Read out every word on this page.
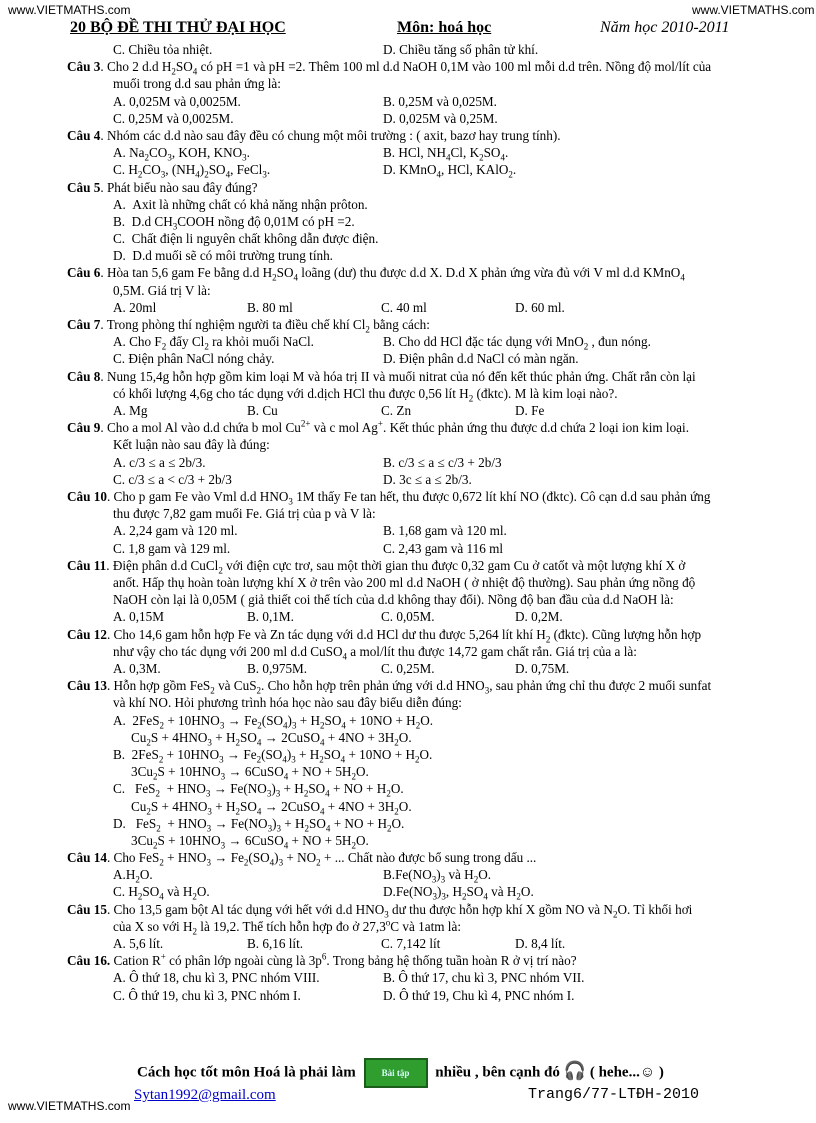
www.VIETMATHS.com	www.VIETMATHS.com
www.VIETMATHS.com
20 BỘ ĐỀ THI THỬ ĐẠI HỌC	Môn: hoá học	Năm học 2010-2011
C. Chiều tỏa nhiệt.	D. Chiều tăng số phân tử khí.
Câu 3. Cho 2 d.d $H_2SO_4$ có pH =1 và pH =2. Thêm 100 ml d.d NaOH 0,1M vào 100 ml mỗi d.d trên. Nồng độ mol/lít của
muối trong d.d sau phản ứng là:
A. 0,025M và 0,0025M.	B. 0,25M và 0,025M.
C. 0,25M và 0,0025M.	D. 0,025M và 0,25M.
Câu 4. Nhóm các d.d nào sau đây đều có chung một môi trường : ( axit, bazơ hay trung tính).
A. $Na_2CO_3$, KOH, $KNO_3$.	B. HCl, $NH_4Cl$, $K_2SO_4$.
C. $H_2CO_3$, $(NH_4)_2SO_4$, FeCl$_3$.	D. KMnO$_4$, HCl, KAlO$_2$.
Câu 5. Phát biểu nào sau đây đúng?
A.  Axit là những chất có khả năng nhận prôton.
B.  D.d $CH_3COOH$ nồng độ 0,01M có pH =2.
C.  Chất điện li nguyên chất không dẫn được điện.
D.  D.d muối sẽ có môi trường trung tính.
Câu 6. Hòa tan 5,6 gam Fe bằng d.d $H_2SO_4$ loãng (dư) thu được d.d X. D.d X phản ứng vừa đủ với V ml d.d KMnO$_4$
0,5M. Giá trị V là:
A. 20ml	B. 80 ml	C. 40 ml	D. 60 ml.
Câu 7. Trong phòng thí nghiệm người ta điều chế khí $Cl_2$ bằng cách:
A. Cho $F_2$ đẩy $Cl_2$ ra khỏi muối NaCl.	B. Cho dd HCl đặc tác dụng với MnO$_2$ , đun nóng.
C. Điện phân NaCl nóng chảy.	D. Điện phân d.d NaCl có màn ngăn.
Câu 8. Nung 15,4g hỗn hợp gồm kim loại M và hóa trị II và muối nitrat của nó đến kết thúc phản ứng. Chất rắn còn lại
có khối lượng 4,6g cho tác dụng với d.dịch HCl thu được 0,56 lít $H_2$ (đktc). M là kim loại nào?.
A. Mg	B. Cu	C. Zn	D. Fe
Câu 9. Cho a mol Al vào d.d chứa b mol $Cu^{2+}$ và c mol Ag+. Kết thúc phản ứng thu được d.d chứa 2 loại ion kim loại.
Kết luận nào sau đây là đúng:
A. c/3 ≤ a ≤ 2b/3.	B. c/3 ≤ a ≤ c/3 + 2b/3
C. c/3 ≤ a < c/3 + 2b/3	D. 3c ≤ a ≤ 2b/3.
Câu 10. Cho p gam Fe vào Vml d.d $HNO_3$ 1M thấy Fe tan hết, thu được 0,672 lít khí NO (đktc). Cô cạn d.d sau phản ứng
thu được 7,82 gam muối Fe. Giá trị của p và V là:
A. 2,24 gam và 120 ml.	B. 1,68 gam và 120 ml.
C. 1,8 gam và 129 ml.	C. 2,43 gam và 116 ml
Câu 11. Điện phân d.d CuCl$_2$ với điện cực trơ, sau một thời gian thu được 0,32 gam Cu ở catốt và một lượng khí X ở
anốt. Hấp thụ hoàn toàn lượng khí X ở trên vào 200 ml d.d NaOH ( ở nhiệt độ thường). Sau phản ứng nồng độ
NaOH còn lại là 0,05M ( giả thiết coi thể tích của d.d không thay đổi). Nồng độ ban đầu của d.d NaOH là:
A. 0,15M	B. 0,1M.	C. 0,05M.	D. 0,2M.
Câu 12. Cho 14,6 gam hỗn hợp Fe và Zn tác dụng với d.d HCl dư thu được 5,264 lít khí $H_2$ (đktc). Cũng lượng hỗn hợp
như vậy cho tác dụng với 200 ml d.d CuSO$_4$ a mol/lít thu được 14,72 gam chất rắn. Giá trị của a là:
A. 0,3M.	B. 0,975M.	C. 0,25M.	D. 0,75M.
Câu 13. Hỗn hợp gồm FeS$_2$ và CuS$_2$. Cho hỗn hợp trên phản ứng với d.d $HNO_3$, sau phản ứng chỉ thu được 2 muối sunfat
và khí NO. Hỏi phương trình hóa học nào sau đây biểu diễn đúng:
A.  $2FeS_2 + 10HNO_3 \to Fe_2(SO_4)_3 + H_2SO_4 + 10NO + H_2O$.
$Cu_2S + 4HNO_3 + H_2SO_4$ → 2CuSO$_4$ + $4NO + 3H_2O$.
B.  $2FeS_2 + 10HNO_3 \to Fe_2(SO_4)_3 + H_2SO_4 + 10NO + H_2O$.
$3Cu_2S + 10HNO_3$ → 6CuSO$_4$ + NO + $5H_2O$.
C.   $FeS_2 + HNO_3 \to Fe(NO_3)_3 + H_2SO_4$ + NO + $H_2O$.
$Cu_2S + 4HNO_3 + H_2SO_4$ → 2CuSO$_4$ + $4NO + 3H_2O$.
D.   $FeS_2 + HNO_3 \to Fe(NO_3)_3 + H_2SO_4$ + NO + $H_2O$.
$3Cu_2S + 10HNO_3$ → 6CuSO$_4$ + NO + $5H_2O$.
Câu 14. Cho $FeS_2 + HNO_3 \to Fe_2(SO_4)_3 + NO_2$ + ... Chất nào được bổ sung trong dấu ...
$A.H_2O$.	$B.Fe(NO_3)_3$ và $H_2O$.
C. $H_2SO_4$ và $H_2O$.	$D.Fe(NO_3)_3$, $H_2SO_4$ và $H_2O$.
Câu 15. Cho 13,5 gam bột Al tác dụng với hết với d.d $HNO_3$ dư thu được hỗn hợp khí X gồm NO và $N_2O$. Tỉ khối hơi
của X so với $H_2$ là 19,2. Thể tích hỗn hợp đo ở 27,3$^o$C và 1atm là:
A. 5,6 lít.	B. 6,16 lít.	C. 7,142 lít	D. 8,4 lít.
Câu 16. Cation R+ có phân lớp ngoài cùng là $3p^6$. Trong bảng hệ thống tuần hoàn R ở vị trí nào?
A. Ô thứ 18, chu kì 3, PNC nhóm VIII.	B. Ô thứ 17, chu kì 3, PNC nhóm VII.
C. Ô thứ 19, chu kì 3, PNC nhóm I.	D. Ô thứ 19, Chu kì 4, PNC nhóm I.
Cách học tốt môn Hoá là phải làm	Bài tập nhiều , bên cạnh đó 🎧 ( hehe...☺ )
Sytan1992@gmail.com	Trang6/77-LTĐH-2010
